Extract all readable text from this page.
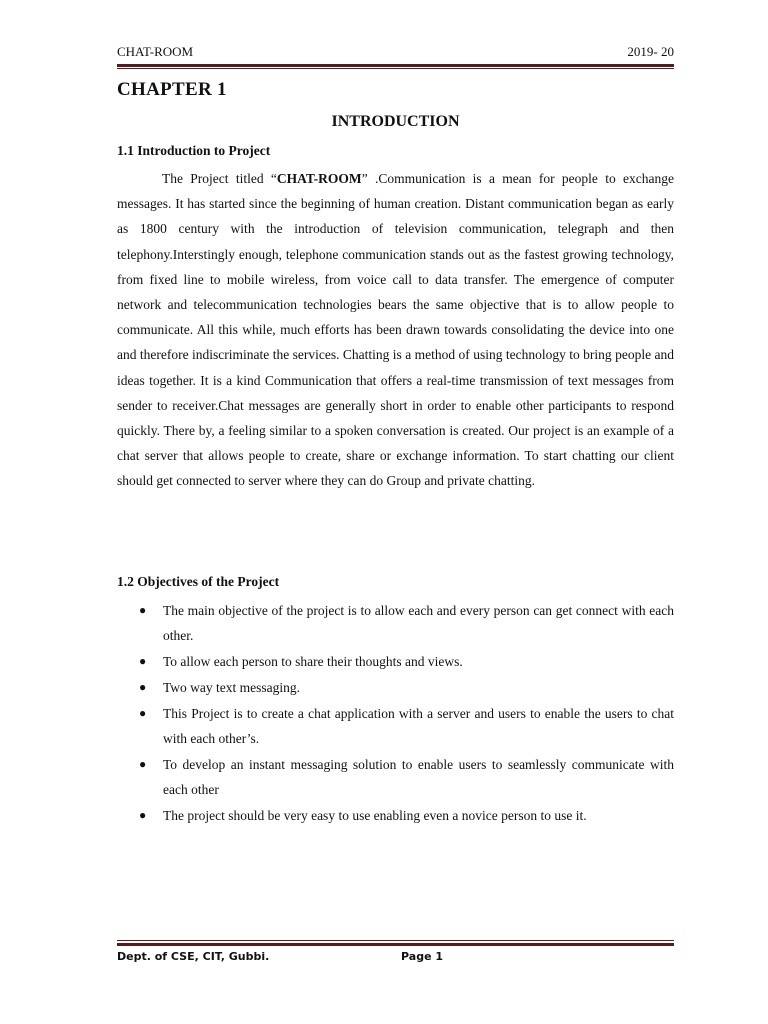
CHAT-ROOM	2019- 20
CHAPTER 1
INTRODUCTION
1.1 Introduction to Project

The Project titled “CHAT-ROOM” .Communication is a mean for people to exchange messages. It has started since the beginning of human creation. Distant communication began as early as 1800 century with the introduction of television communication, telegraph and then telephony.Interstingly enough, telephone communication stands out as the fastest growing technology, from fixed line to mobile wireless, from voice call to data transfer. The emergence of computer network and telecommunication technologies bears the same objective that is to allow people to communicate. All this while, much efforts has been drawn towards consolidating the device into one and therefore indiscriminate the services. Chatting is a method of using technology to bring people and ideas together. It is a kind Communication that offers a real-time transmission of text messages from sender to receiver.Chat messages are generally short in order to enable other participants to respond quickly. There by, a feeling similar to a spoken conversation is created. Our project is an example of a chat server that allows people to create, share or exchange information. To start chatting our client should get connected to server where they can do Group and private chatting.

1.2 Objectives of the Project
● The main objective of the project is to allow each and every person can get connect with each other.
● To allow each person to share their thoughts and views.
● Two way text messaging.
● This Project is to create a chat application with a server and users to enable the users to chat with each other’s.
● To develop an instant messaging solution to enable users to seamlessly communicate with each other
● The project should be very easy to use enabling even a novice person to use it.
Dept. of CSE, CIT, Gubbi.	Page 1
